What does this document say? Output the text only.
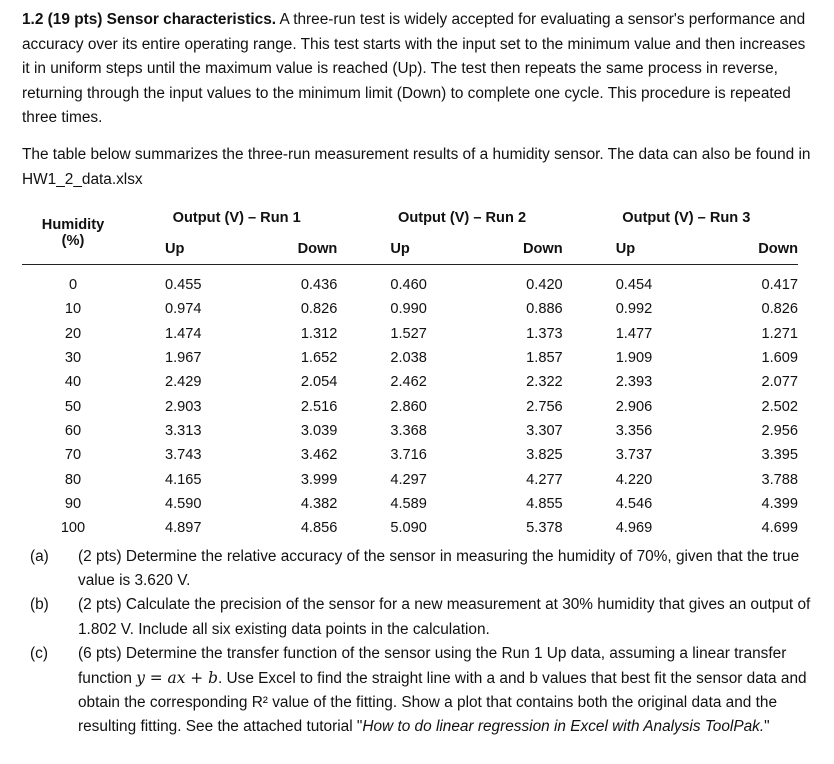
1.2 (19 pts) Sensor characteristics. A three-run test is widely accepted for evaluating a sensor's performance and accuracy over its entire operating range. This test starts with the input set to the minimum value and then increases it in uniform steps until the maximum value is reached (Up). The test then repeats the same process in reverse, returning through the input values to the minimum limit (Down) to complete one cycle. This procedure is repeated three times.

The table below summarizes the three-run measurement results of a humidity sensor. The data can also be found in HW1_2_data.xlsx

Humidity
(%)	Output (V) – Run 1		Output (V) – Run 2		Output (V) – Run 3	
	Up	Down	Up	Down	Up	Down

0	0.455	0.436	0.460	0.420	0.454	0.417
10	0.974	0.826	0.990	0.886	0.992	0.826
20	1.474	1.312	1.527	1.373	1.477	1.271
30	1.967	1.652	2.038	1.857	1.909	1.609
40	2.429	2.054	2.462	2.322	2.393	2.077
50	2.903	2.516	2.860	2.756	2.906	2.502
60	3.313	3.039	3.368	3.307	3.356	2.956
70	3.743	3.462	3.716	3.825	3.737	3.395
80	4.165	3.999	4.297	4.277	4.220	3.788
90	4.590	4.382	4.589	4.855	4.546	4.399
100	4.897	4.856	5.090	5.378	4.969	4.699

(a) (2 pts) Determine the relative accuracy of the sensor in measuring the humidity of 70%, given that the true value is 3.620 V.

(b) (2 pts) Calculate the precision of the sensor for a new measurement at 30% humidity that gives an output of 1.802 V. Include all six existing data points in the calculation.

(c) (6 pts) Determine the transfer function of the sensor using the Run 1 Up data, assuming a linear transfer function y = ax + b. Use Excel to find the straight line with a and b values that best fit the sensor data and obtain the corresponding R² value of the fitting. Show a plot that contains both the original data and the resulting fitting. See the attached tutorial "How to do linear regression in Excel with Analysis ToolPak."
